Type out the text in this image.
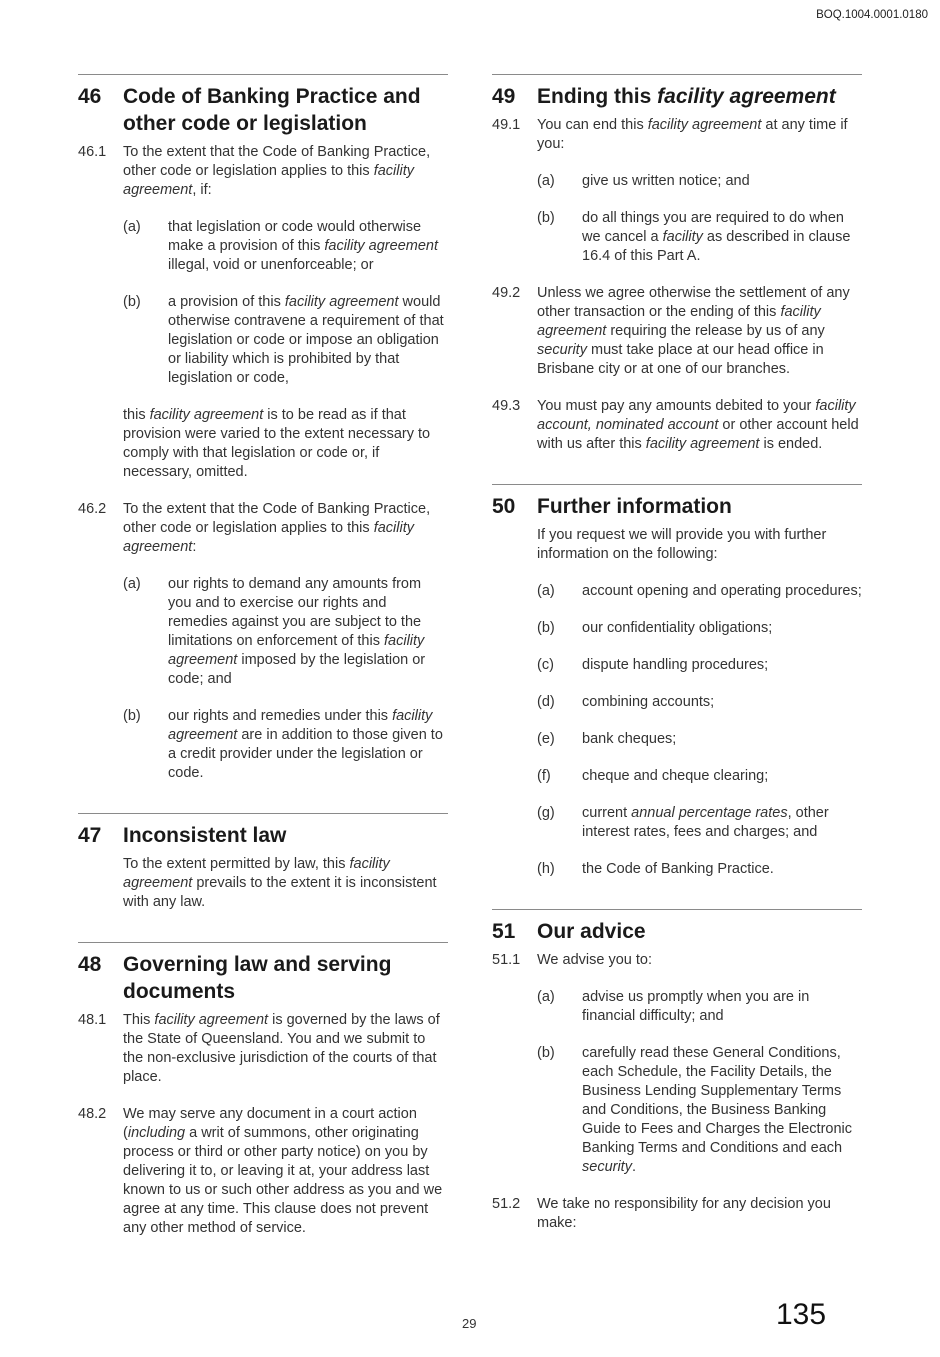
BOQ.1004.0001.0180
46	Code of Banking Practice and other code or legislation
46.1	To the extent that the Code of Banking Practice, other code or legislation applies to this facility agreement, if:
(a)	that legislation or code would otherwise make a provision of this facility agreement illegal, void or unenforceable; or
(b)	a provision of this facility agreement would otherwise contravene a requirement of that legislation or code or impose an obligation or liability which is prohibited by that legislation or code,
this facility agreement is to be read as if that provision were varied to the extent necessary to comply with that legislation or code or, if necessary, omitted.
46.2	To the extent that the Code of Banking Practice, other code or legislation applies to this facility agreement:
(a)	our rights to demand any amounts from you and to exercise our rights and remedies against you are subject to the limitations on enforcement of this facility agreement imposed by the legislation or code; and
(b)	our rights and remedies under this facility agreement are in addition to those given to a credit provider under the legislation or code.
47	Inconsistent law
To the extent permitted by law, this facility agreement prevails to the extent it is inconsistent with any law.
48	Governing law and serving documents
48.1	This facility agreement is governed by the laws of the State of Queensland. You and we submit to the non-exclusive jurisdiction of the courts of that place.
48.2	We may serve any document in a court action (including a writ of summons, other originating process or third or other party notice) on you by delivering it to, or leaving it at, your address last known to us or such other address as you and we agree at any time. This clause does not prevent any other method of service.
49	Ending this facility agreement
49.1	You can end this facility agreement at any time if you:
(a)	give us written notice; and
(b)	do all things you are required to do when we cancel a facility as described in clause 16.4 of this Part A.
49.2	Unless we agree otherwise the settlement of any other transaction or the ending of this facility agreement requiring the release by us of any security must take place at our head office in Brisbane city or at one of our branches.
49.3	You must pay any amounts debited to your facility account, nominated account or other account held with us after this facility agreement is ended.
50	Further information
If you request we will provide you with further information on the following:
(a)	account opening and operating procedures;
(b)	our confidentiality obligations;
(c)	dispute handling procedures;
(d)	combining accounts;
(e)	bank cheques;
(f)	cheque and cheque clearing;
(g)	current annual percentage rates, other interest rates, fees and charges; and
(h)	the Code of Banking Practice.
51	Our advice
51.1	We advise you to:
(a)	advise us promptly when you are in financial difficulty; and
(b)	carefully read these General Conditions, each Schedule, the Facility Details, the Business Lending Supplementary Terms and Conditions, the Business Banking Guide to Fees and Charges the Electronic Banking Terms and Conditions and each security.
51.2	We take no responsibility for any decision you make:
29	135
